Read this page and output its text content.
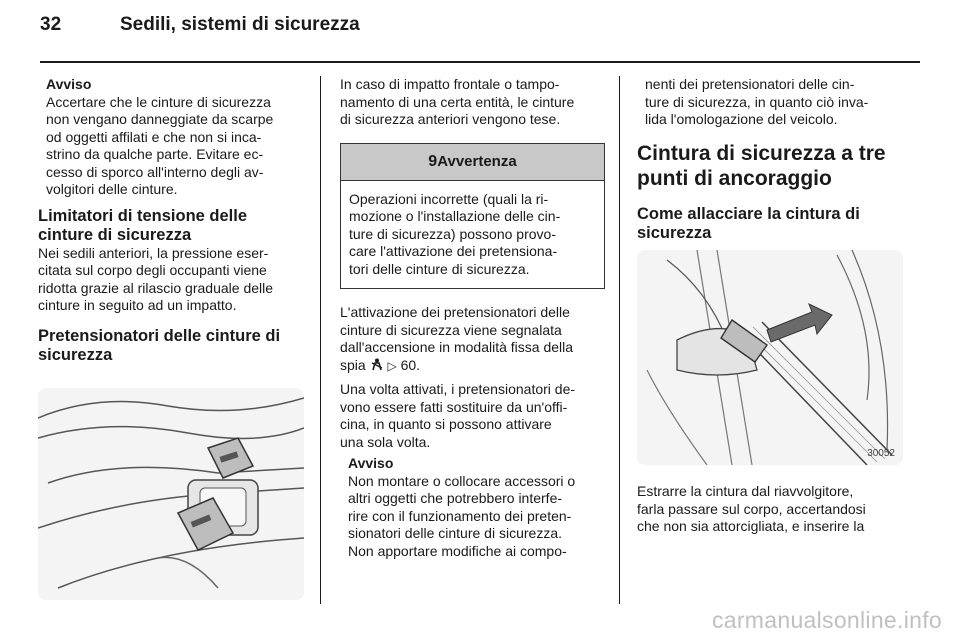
32	Sedili, sistemi di sicurezza

Avviso

Accertare che le cinture di sicurezza

non vengano danneggiate da scarpe

od oggetti affilati e che non si inca-

strino da qualche parte. Evitare ec-

cesso di sporco all'interno degli av-

volgitori delle cinture.

Limitatori di tensione delle
cinture di sicurezza

Nei sedili anteriori, la pressione eser-

citata sul corpo degli occupanti viene

ridotta grazie al rilascio graduale delle

cinture in seguito ad un impatto.

Pretensionatori delle cinture di
sicurezza

In caso di impatto frontale o tampo-

namento di una certa entità, le cinture

di sicurezza anteriori vengono tese.

9 Avvertenza

Operazioni incorrette (quali la ri-

mozione o l'installazione delle cin-

ture di sicurezza) possono provo-

care l'attivazione dei pretensiona-

tori delle cinture di sicurezza.

L'attivazione dei pretensionatori delle

cinture di sicurezza viene segnalata

dall'accensione in modalità fissa della

spia ▷ 60.

Una volta attivati, i pretensionatori de-

vono essere fatti sostituire da un'offi-

cina, in quanto si possono attivare

una sola volta.

Avviso

Non montare o collocare accessori o

altri oggetti che potrebbero interfe-

rire con il funzionamento dei preten-

sionatori delle cinture di sicurezza.

Non apportare modifiche ai compo-

nenti dei pretensionatori delle cin-

ture di sicurezza, in quanto ciò inva-

lida l'omologazione del veicolo.

Cintura di sicurezza a tre
punti di ancoraggio
Come allacciare la cintura di
sicurezza
30052

Estrarre la cintura dal riavvolgitore,

farla passare sul corpo, accertandosi

che non sia attorcigliata, e inserire la

carmanualsonline.info
